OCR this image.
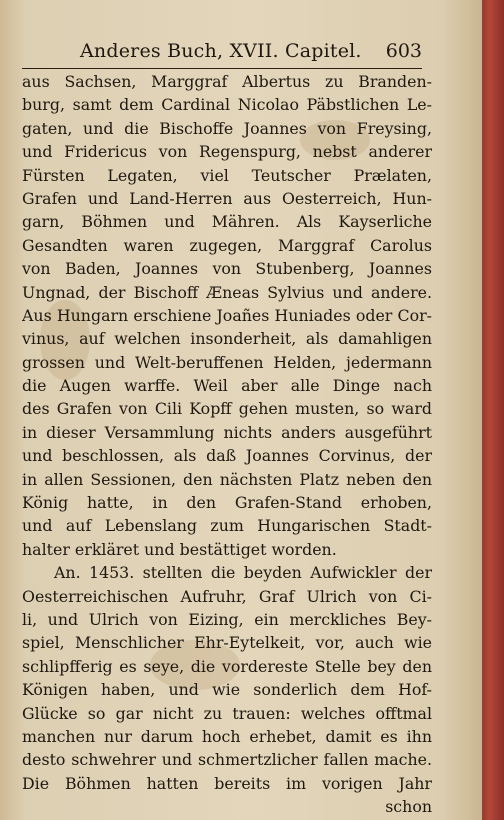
Anderes Buch, XVII. Capitel. 603
aus Sachsen, Marggraf Albertus zu Branden-
burg, samt dem Cardinal Nicolao Päbstlichen Le-
gaten, und die Bischoffe Joannes von Freysing,
und Fridericus von Regenspurg, nebst anderer
Fürsten Legaten, viel Teutscher Prælaten,
Grafen und Land-Herren aus Oesterreich, Hun-
garn, Böhmen und Mähren. Als Kayserliche
Gesandten waren zugegen, Marggraf Carolus
von Baden, Joannes von Stubenberg, Joannes
Ungnad, der Bischoff Æneas Sylvius und andere.
Aus Hungarn erschiene Joañes Huniades oder Cor-
vinus, auf welchen insonderheit, als damahligen
grossen und Welt-beruffenen Helden, jedermann
die Augen warffe. Weil aber alle Dinge nach
des Grafen von Cili Kopff gehen musten, so ward
in dieser Versammlung nichts anders ausgeführt
und beschlossen, als daß Joannes Corvinus, der
in allen Sessionen, den nächsten Platz neben den
König hatte, in den Grafen-Stand erhoben,
und auf Lebenslang zum Hungarischen Stadt-
halter erkläret und bestättiget worden.
An. 1453. stellten die beyden Aufwickler der
Oesterreichischen Aufruhr, Graf Ulrich von Ci-
li, und Ulrich von Eizing, ein merckliches Bey-
spiel, Menschlicher Ehr-Eytelkeit, vor, auch wie
schlipfferig es seye, die vordereste Stelle bey den
Königen haben, und wie sonderlich dem Hof-
Glücke so gar nicht zu trauen: welches offtmal
manchen nur darum hoch erhebet, damit es ihn
desto schwehrer und schmertzlicher fallen mache.
Die Böhmen hatten bereits im vorigen Jahr
schon
